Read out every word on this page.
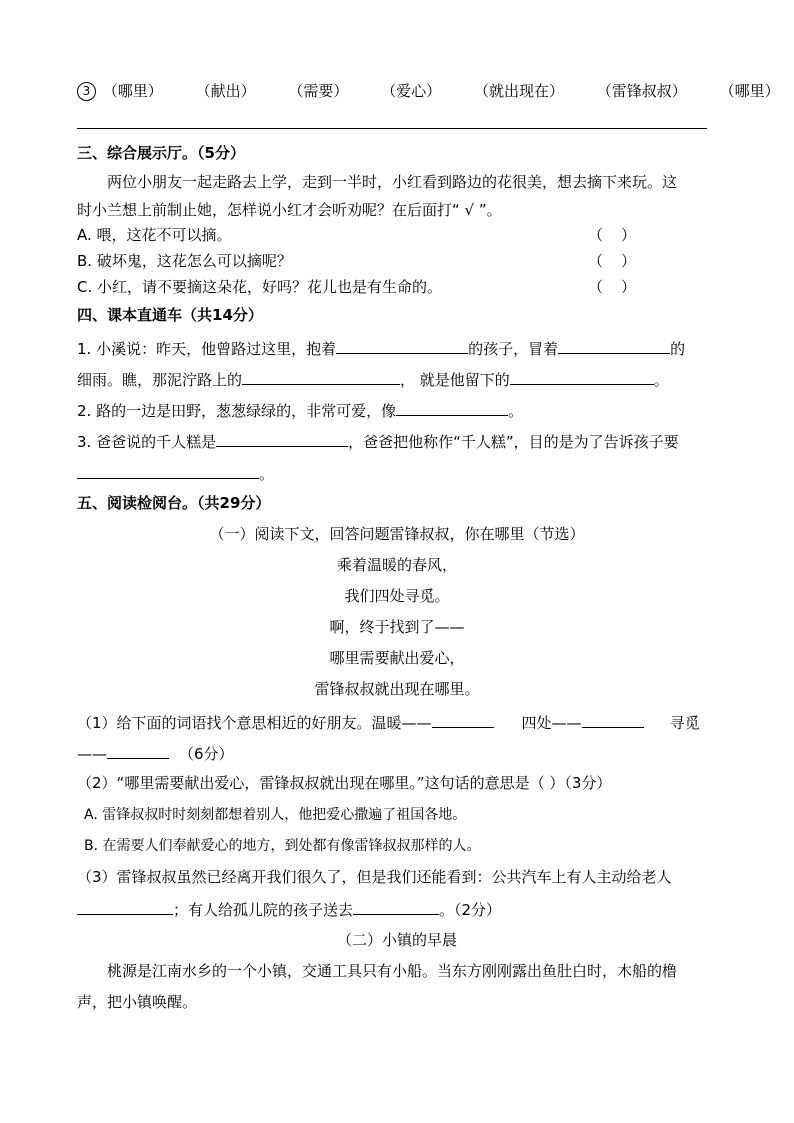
3 （哪里） （献出） （需要） （爱心） （就出现在） （雷锋叔叔） （哪里）
三、综合展示厅。（5分）
两位小朋友一起走路去上学，走到一半时，小红看到路边的花很美，想去摘下来玩。这
时小兰想上前制止她，怎样说小红才会听劝呢？在后面打“ √ ”。
A. 喂，这花不可以摘。	（ ）
B. 破坏鬼，这花怎么可以摘呢？	（ ）
C. 小红，请不要摘这朵花，好吗？花儿也是有生命的。	（ ）
四、课本直通车（共14分）
1. 小溪说：昨天，他曾路过这里，抱着	的孩子，冒着	的
细雨。瞧，那泥泞路上的	， 就是他留下的	。
2. 路的一边是田野，葱葱绿绿的，非常可爱，像	。
3. 爸爸说的千人糕是	，爸爸把他称作“千人糕”，目的是为了告诉孩子要
。
五、阅读检阅台。（共29分）
（一）阅读下文，回答问题雷锋叔叔，你在哪里（节选）
乘着温暖的春风，
我们四处寻觅。
啊，终于找到了——
哪里需要献出爱心，
雷锋叔叔就出现在哪里。
（1）给下面的词语找个意思相近的好朋友。温暖——	四处——	寻觅
——	（6分）
（2）“哪里需要献出爱心，雷锋叔叔就出现在哪里。”这句话的意思是（ ）（3分）
A. 雷锋叔叔时时刻刻都想着别人，他把爱心撒遍了祖国各地。
B. 在需要人们奉献爱心的地方，到处都有像雷锋叔叔那样的人。
（3）雷锋叔叔虽然已经离开我们很久了，但是我们还能看到：公共汽车上有人主动给老人
；有人给孤儿院的孩子送去	。（2分）
（二）小镇的早晨
桃源是江南水乡的一个小镇，交通工具只有小船。当东方刚刚露出鱼肚白时，木船的橹
声，把小镇唤醒。
